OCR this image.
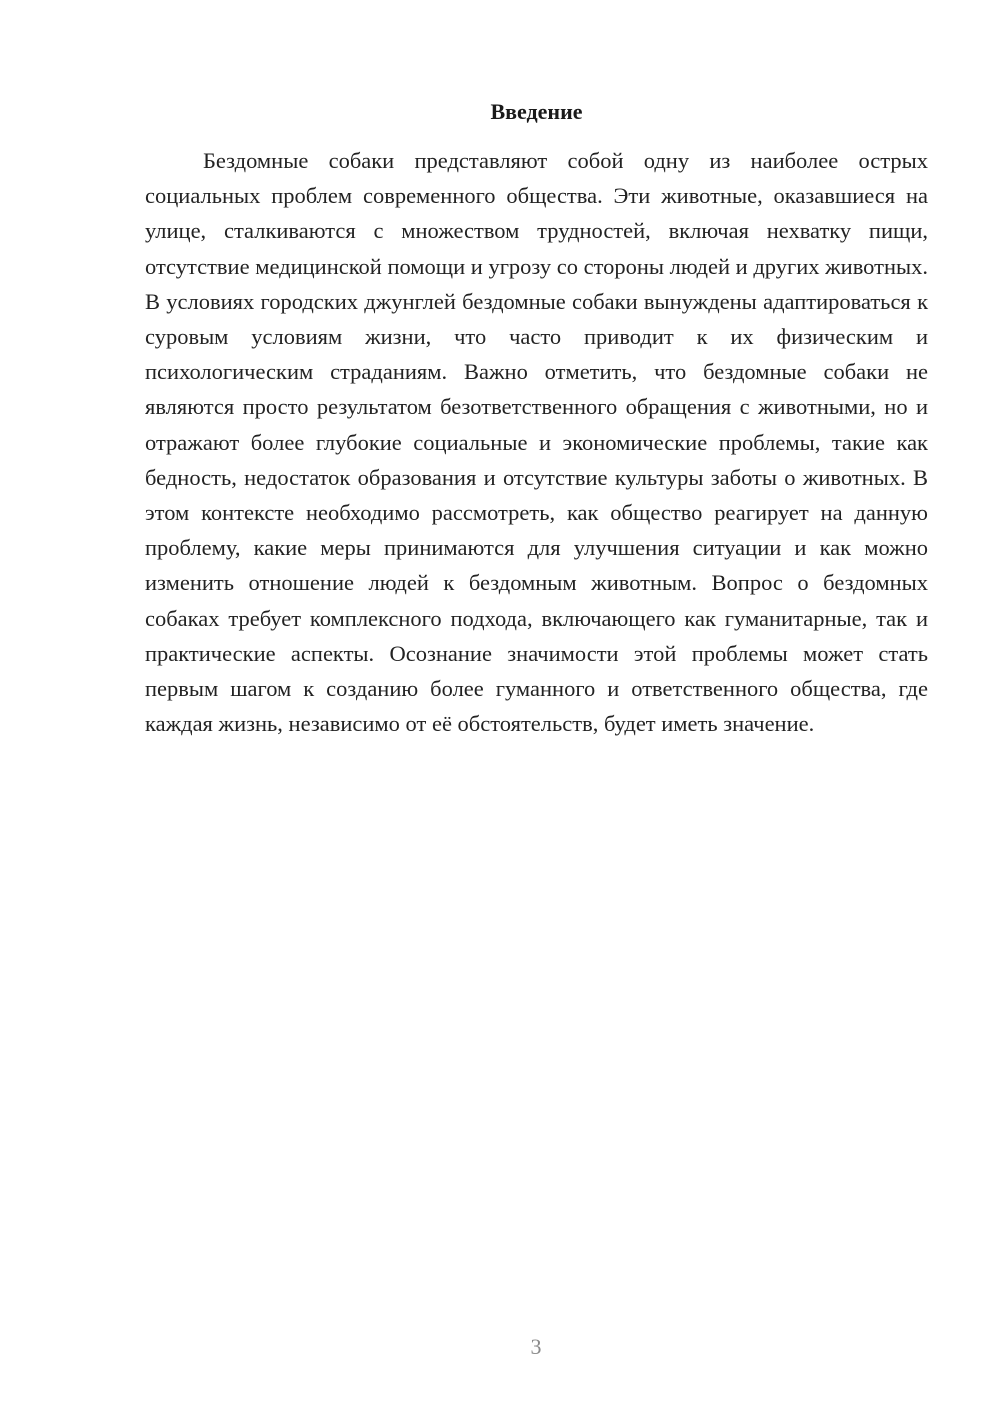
Введение

Бездомные собаки представляют собой одну из наиболее острых социальных проблем современного общества. Эти животные, оказавшиеся на улице, сталкиваются с множеством трудностей, включая нехватку пищи, отсутствие медицинской помощи и угрозу со стороны людей и других животных. В условиях городских джунглей бездомные собаки вынуждены адаптироваться к суровым условиям жизни, что часто приводит к их физическим и психологическим страданиям. Важно отметить, что бездомные собаки не являются просто результатом безответственного обращения с животными, но и отражают более глубокие социальные и экономические проблемы, такие как бедность, недостаток образования и отсутствие культуры заботы о животных. В этом контексте необходимо рассмотреть, как общество реагирует на данную проблему, какие меры принимаются для улучшения ситуации и как можно изменить отношение людей к бездомным животным. Вопрос о бездомных собаках требует комплексного подхода, включающего как гуманитарные, так и практические аспекты. Осознание значимости этой проблемы может стать первым шагом к созданию более гуманного и ответственного общества, где каждая жизнь, независимо от её обстоятельств, будет иметь значение.

3
